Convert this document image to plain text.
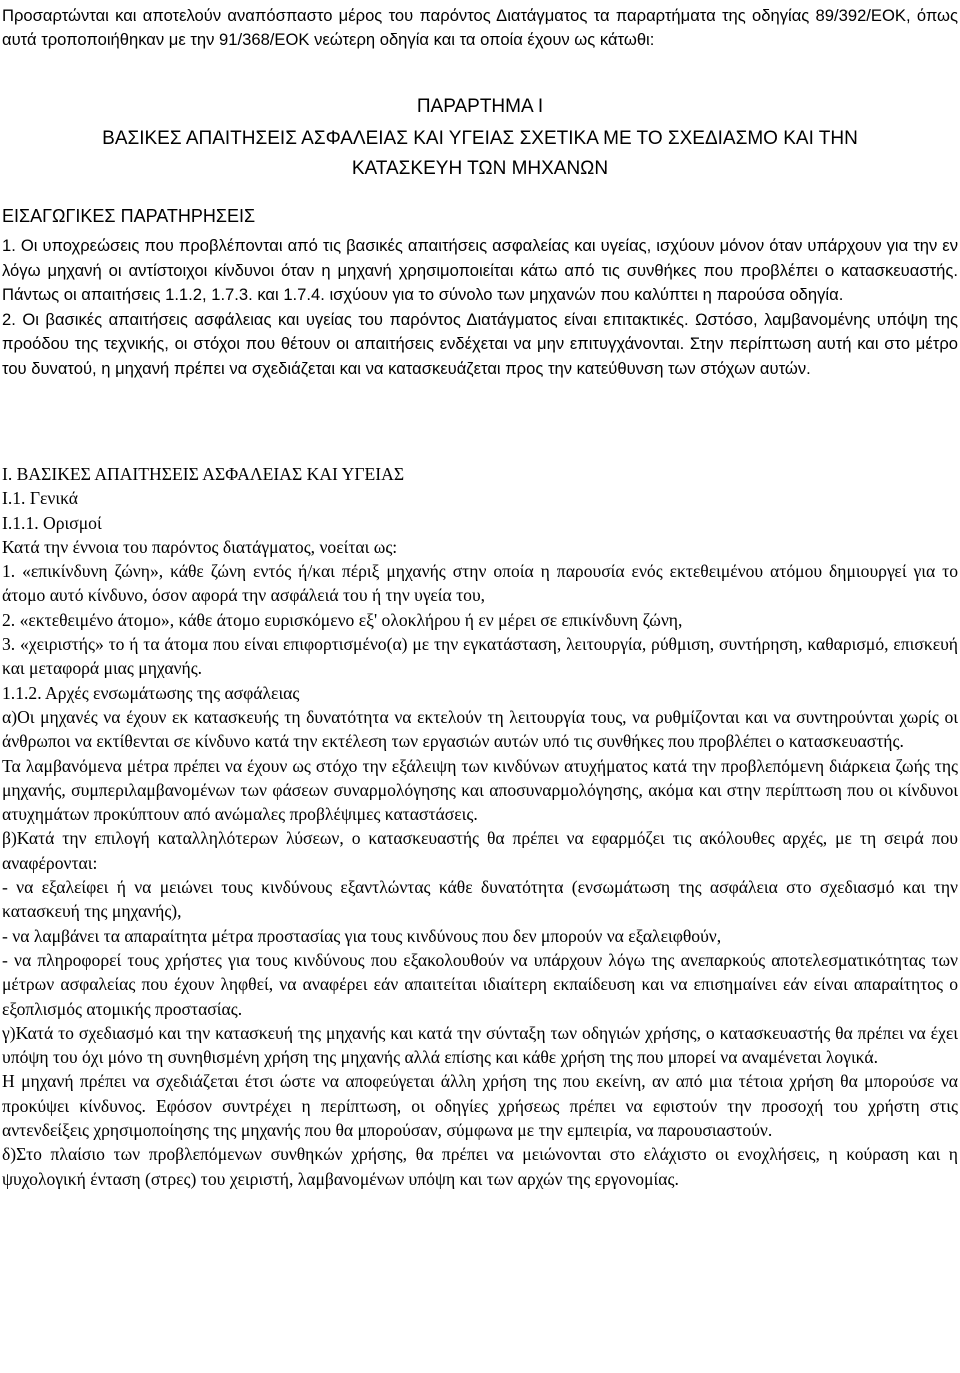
Προσαρτώνται και αποτελούν αναπόσπαστο μέρος του παρόντος Διατάγματος τα παραρτήματα της οδηγίας 89/392/ΕΟΚ, όπως αυτά τροποποιήθηκαν με την 91/368/ΕΟΚ νεώτερη οδηγία και τα οποία έχουν ως κάτωθι:

ΠΑΡΑΡΤΗΜΑ Ι
ΒΑΣΙΚΕΣ ΑΠΑΙΤΗΣΕΙΣ ΑΣΦΑΛΕΙΑΣ ΚΑΙ ΥΓΕΙΑΣ ΣΧΕΤΙΚΑ ΜΕ ΤΟ ΣΧΕΔΙΑΣΜΟ ΚΑΙ ΤΗΝ
ΚΑΤΑΣΚΕΥΗ ΤΩΝ ΜΗΧΑΝΩΝ
ΕΙΣΑΓΩΓΙΚΕΣ ΠΑΡΑΤΗΡΗΣΕΙΣ

1. Οι υποχρεώσεις που προβλέπονται από τις βασικές απαιτήσεις ασφαλείας και υγείας, ισχύουν μόνον όταν υπάρχουν για την εν λόγω μηχανή οι αντίστοιχοι κίνδυνοι όταν η μηχανή χρησιμοποιείται κάτω από τις συνθήκες που προβλέπει ο κατασκευαστής. Πάντως οι απαιτήσεις 1.1.2, 1.7.3. και 1.7.4. ισχύουν για το σύνολο των μηχανών που καλύπτει η παρούσα οδηγία.

2. Οι βασικές απαιτήσεις ασφάλειας και υγείας του παρόντος Διατάγματος είναι επιτακτικές. Ωστόσο, λαμβανομένης υπόψη της προόδου της τεχνικής, οι στόχοι που θέτουν οι απαιτήσεις ενδέχεται να μην επιτυγχάνονται. Στην περίπτωση αυτή και στο μέτρο του δυνατού, η μηχανή πρέπει να σχεδιάζεται και να κατασκευάζεται προς την κατεύθυνση των στόχων αυτών.

Ι. ΒΑΣΙΚΕΣ ΑΠΑΙΤΗΣΕΙΣ ΑΣΦΑΛΕΙΑΣ ΚΑΙ ΥΓΕΙΑΣ

Ι.1. Γενικά

Ι.1.1. Ορισμοί

Κατά την έννοια του παρόντος διατάγματος, νοείται ως:

1. «επικίνδυνη ζώνη», κάθε ζώνη εντός ή/και πέριξ μηχανής στην οποία η παρουσία ενός εκτεθειμένου ατόμου δημιουργεί για το άτομο αυτό κίνδυνο, όσον αφορά την ασφάλειά του ή την υγεία του,

2. «εκτεθειμένο άτομο», κάθε άτομο ευρισκόμενο εξ' ολοκλήρου ή εν μέρει σε επικίνδυνη ζώνη,

3. «χειριστής» το ή τα άτομα που είναι επιφορτισμένο(α) με την εγκατάσταση, λειτουργία, ρύθμιση, συντήρηση, καθαρισμό, επισκευή και μεταφορά μιας μηχανής.

1.1.2. Αρχές ενσωμάτωσης της ασφάλειας

α)Οι μηχανές να έχουν εκ κατασκευής τη δυνατότητα να εκτελούν τη λειτουργία τους, να ρυθμίζονται και να συντηρούνται χωρίς οι άνθρωποι να εκτίθενται σε κίνδυνο κατά την εκτέλεση των εργασιών αυτών υπό τις συνθήκες που προβλέπει ο κατασκευαστής.

Τα λαμβανόμενα μέτρα πρέπει να έχουν ως στόχο την εξάλειψη των κινδύνων ατυχήματος κατά την προβλεπόμενη διάρκεια ζωής της μηχανής, συμπεριλαμβανομένων των φάσεων συναρμολόγησης και αποσυναρμολόγησης, ακόμα και στην περίπτωση που οι κίνδυνοι ατυχημάτων προκύπτουν από ανώμαλες προβλέψιμες καταστάσεις.

β)Κατά την επιλογή καταλληλότερων λύσεων, ο κατασκευαστής θα πρέπει να εφαρμόζει τις ακόλουθες αρχές, με τη σειρά που αναφέρονται:

- να εξαλείφει ή να μειώνει τους κινδύνους εξαντλώντας κάθε δυνατότητα (ενσωμάτωση της ασφάλεια στο σχεδιασμό και την κατασκευή της μηχανής),

- να λαμβάνει τα απαραίτητα μέτρα προστασίας για τους κινδύνους που δεν μπορούν να εξαλειφθούν,

- να πληροφορεί τους χρήστες για τους κινδύνους που εξακολουθούν να υπάρχουν λόγω της ανεπαρκούς αποτελεσματικότητας των μέτρων ασφαλείας που έχουν ληφθεί, να αναφέρει εάν απαιτείται ιδιαίτερη εκπαίδευση και να επισημαίνει εάν είναι απαραίτητος ο εξοπλισμός ατομικής προστασίας.

γ)Κατά το σχεδιασμό και την κατασκευή της μηχανής και κατά την σύνταξη των οδηγιών χρήσης, ο κατασκευαστής θα πρέπει να έχει υπόψη του όχι μόνο τη συνηθισμένη χρήση της μηχανής αλλά επίσης και κάθε χρήση της που μπορεί να αναμένεται λογικά.

Η μηχανή πρέπει να σχεδιάζεται έτσι ώστε να αποφεύγεται άλλη χρήση της που εκείνη, αν από μια τέτοια χρήση θα μπορούσε να προκύψει κίνδυνος. Εφόσον συντρέχει η περίπτωση, οι οδηγίες χρήσεως πρέπει να εφιστούν την προσοχή του χρήστη στις αντενδείξεις χρησιμοποίησης της μηχανής που θα μπορούσαν, σύμφωνα με την εμπειρία, να παρουσιαστούν.

δ)Στο πλαίσιο των προβλεπόμενων συνθηκών χρήσης, θα πρέπει να μειώνονται στο ελάχιστο οι ενοχλήσεις, η κούραση και η ψυχολογική ένταση (στρες) του χειριστή, λαμβανομένων υπόψη και των αρχών της εργονομίας.
